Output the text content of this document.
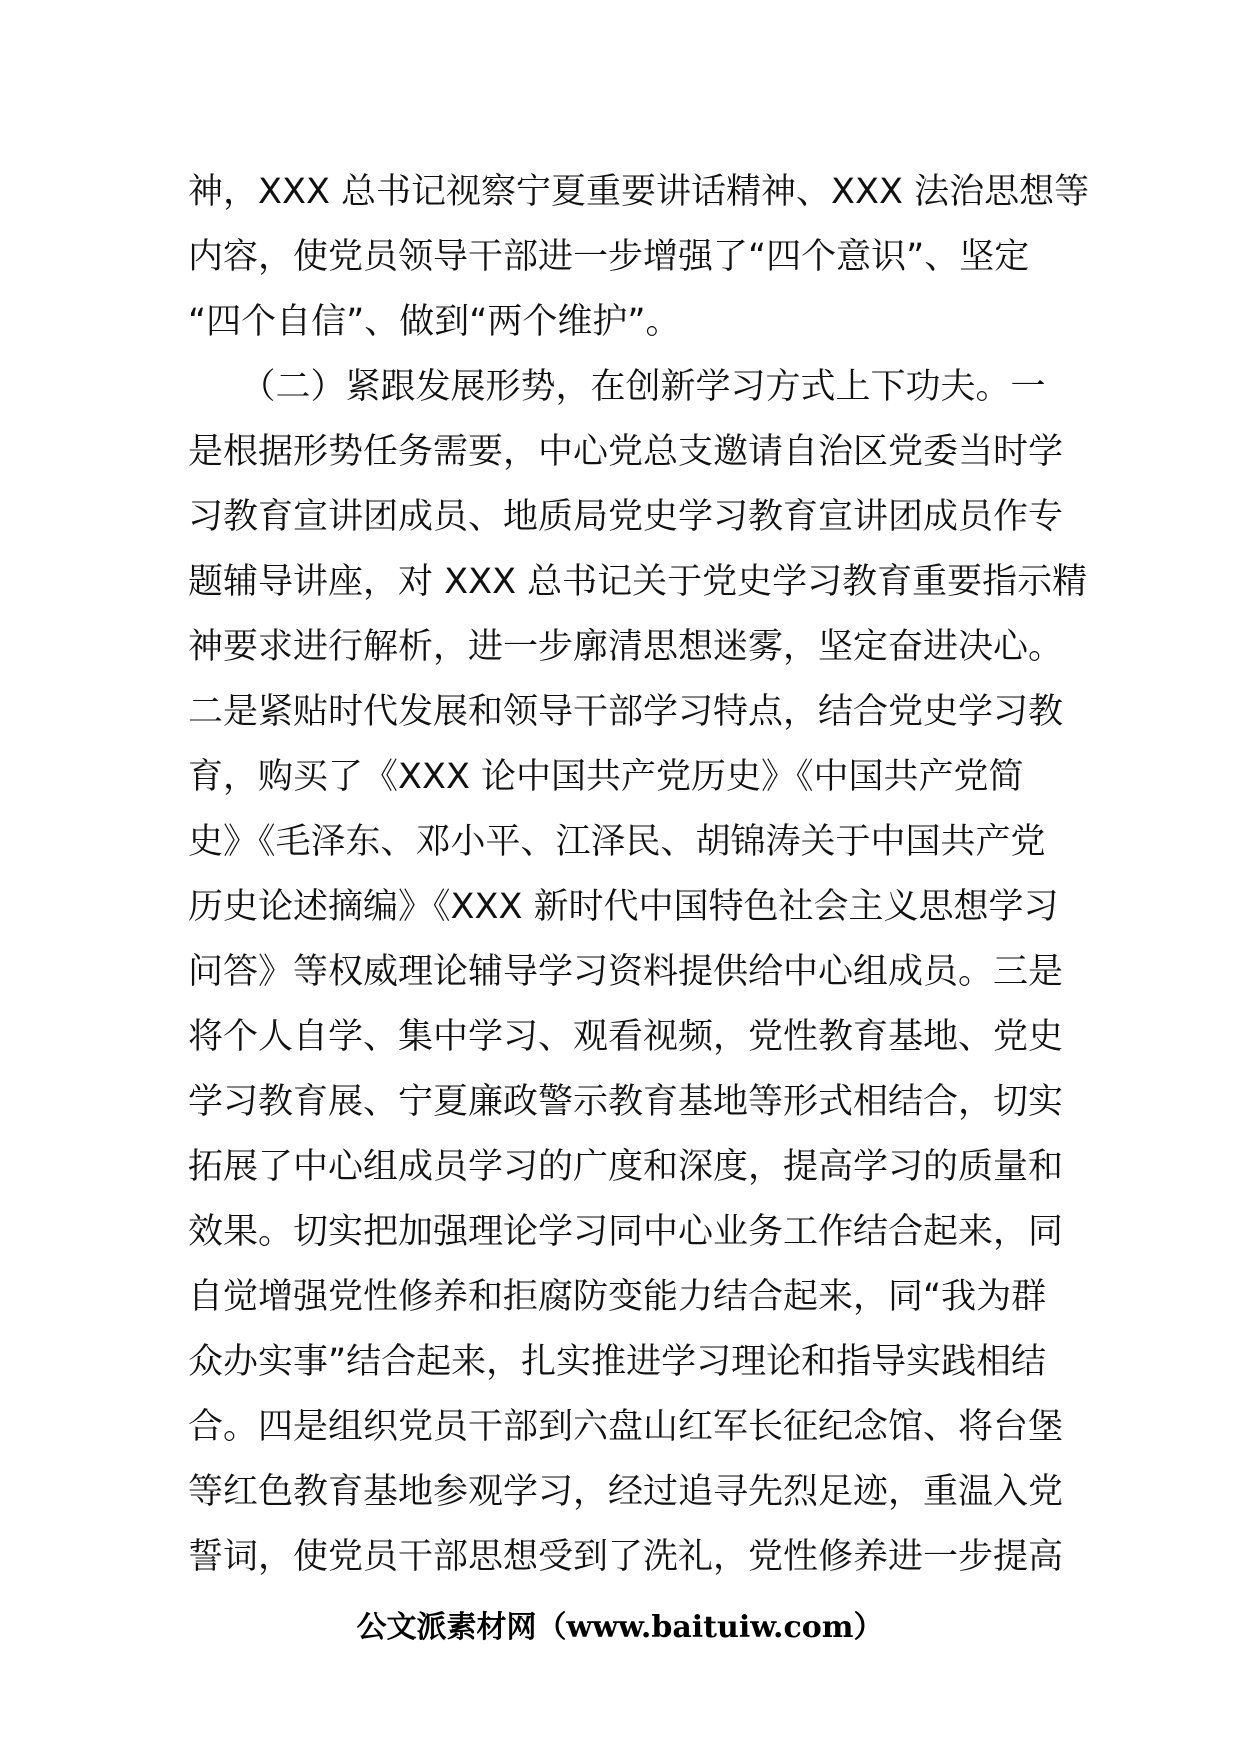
神，XXX 总书记视察宁夏重要讲话精神、XXX 法治思想等
内容，使党员领导干部进一步增强了“四个意识”、坚定
“四个自信”、做到“两个维护”。
　　（二）紧跟发展形势，在创新学习方式上下功夫。一
是根据形势任务需要，中心党总支邀请自治区党委当时学
习教育宣讲团成员、地质局党史学习教育宣讲团成员作专
题辅导讲座，对 XXX 总书记关于党史学习教育重要指示精
神要求进行解析，进一步廓清思想迷雾，坚定奋进决心。
二是紧贴时代发展和领导干部学习特点，结合党史学习教
育，购买了《XXX 论中国共产党历史》《中国共产党简
史》《毛泽东、邓小平、江泽民、胡锦涛关于中国共产党
历史论述摘编》《XXX 新时代中国特色社会主义思想学习
问答》等权威理论辅导学习资料提供给中心组成员。三是
将个人自学、集中学习、观看视频，党性教育基地、党史
学习教育展、宁夏廉政警示教育基地等形式相结合，切实
拓展了中心组成员学习的广度和深度，提高学习的质量和
效果。切实把加强理论学习同中心业务工作结合起来，同
自觉增强党性修养和拒腐防变能力结合起来，同“我为群
众办实事”结合起来，扎实推进学习理论和指导实践相结
合。四是组织党员干部到六盘山红军长征纪念馆、将台堡
等红色教育基地参观学习，经过追寻先烈足迹，重温入党
誓词，使党员干部思想受到了洗礼，党性修养进一步提高
公文派素材网（www.baituiw.com）
